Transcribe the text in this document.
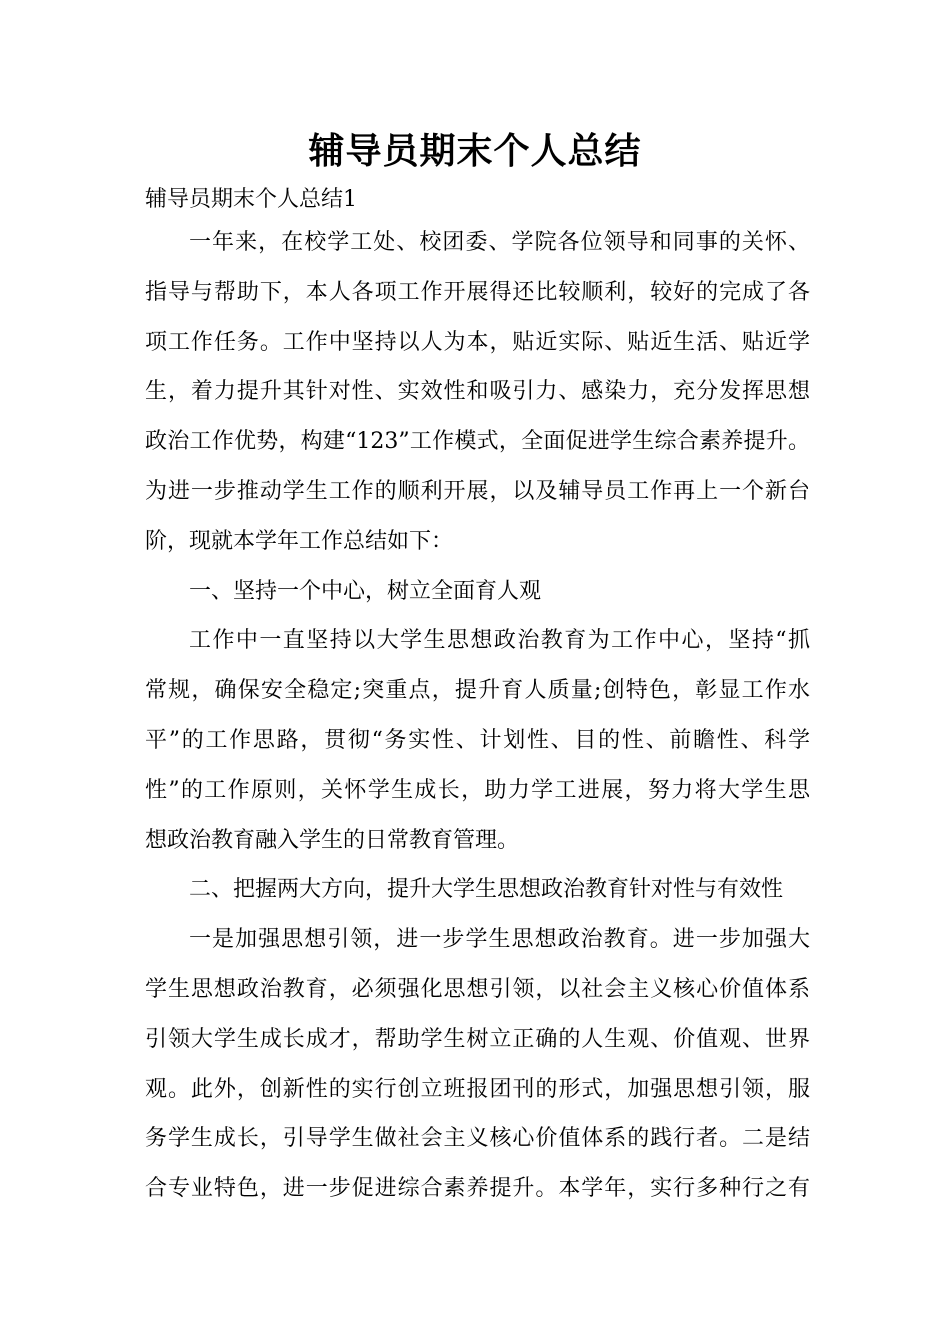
辅导员期末个人总结

辅导员期末个人总结1

一年来，在校学工处、校团委、学院各位领导和同事的关怀、

指导与帮助下，本人各项工作开展得还比较顺利，较好的完成了各

项工作任务。工作中坚持以人为本，贴近实际、贴近生活、贴近学

生，着力提升其针对性、实效性和吸引力、感染力，充分发挥思想

政治工作优势，构建“123”工作模式，全面促进学生综合素养提升。

为进一步推动学生工作的顺利开展，以及辅导员工作再上一个新台

阶，现就本学年工作总结如下：

一、坚持一个中心，树立全面育人观

工作中一直坚持以大学生思想政治教育为工作中心，坚持“抓

常规，确保安全稳定;突重点，提升育人质量;创特色，彰显工作水

平”的工作思路，贯彻“务实性、计划性、目的性、前瞻性、科学

性”的工作原则，关怀学生成长，助力学工进展，努力将大学生思

想政治教育融入学生的日常教育管理。

二、把握两大方向，提升大学生思想政治教育针对性与有效性

一是加强思想引领，进一步学生思想政治教育。进一步加强大

学生思想政治教育，必须强化思想引领，以社会主义核心价值体系

引领大学生成长成才，帮助学生树立正确的人生观、价值观、世界

观。此外，创新性的实行创立班报团刊的形式，加强思想引领，服

务学生成长，引导学生做社会主义核心价值体系的践行者。二是结

合专业特色，进一步促进综合素养提升。本学年，实行多种行之有
